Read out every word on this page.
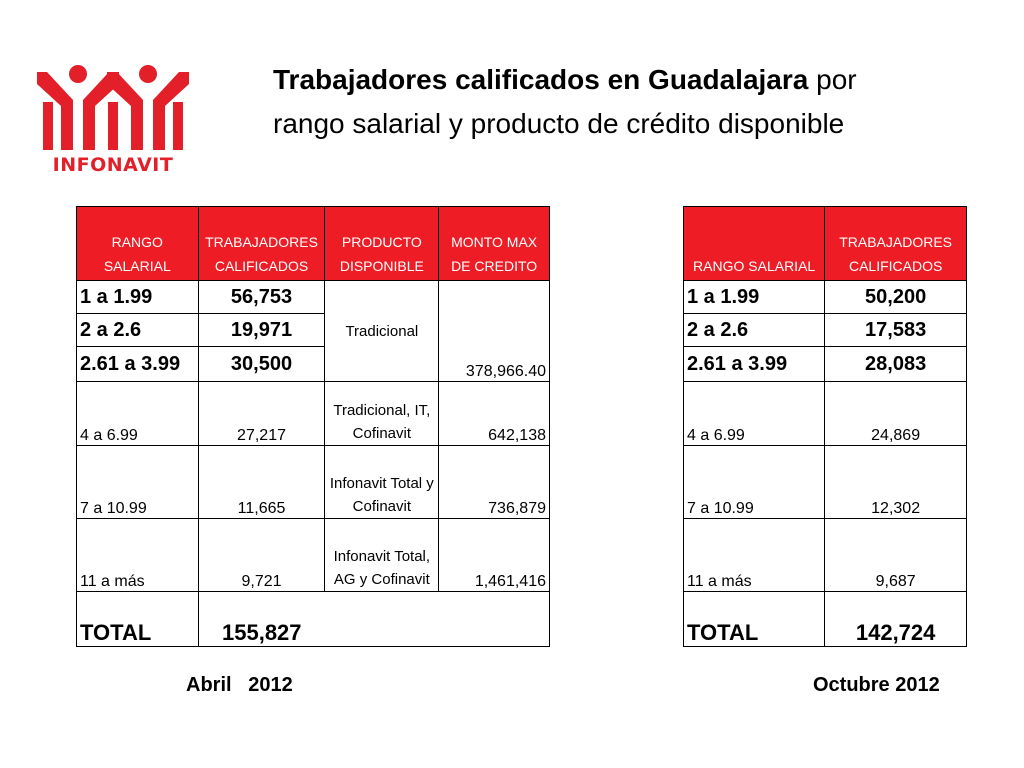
INFONAVIT
Trabajadores calificados en Guadalajara por
rango salarial y producto de crédito disponible
RANGO SALARIAL	TRABAJADORES CALIFICADOS	PRODUCTO DISPONIBLE	MONTO MAX DE CREDITO
1 a 1.99	56,753	Tradicional	378,966.40
2 a 2.6	19,971		
2.61 a 3.99	30,500		
4 a 6.99	27,217	Tradicional, IT, Cofinavit	642,138
7 a 10.99	11,665	Infonavit Total y Cofinavit	736,879
11 a más	9,721	Infonavit Total, AG y Cofinavit	1,461,416
TOTAL	155,827		
RANGO SALARIAL	TRABAJADORES CALIFICADOS
1 a 1.99	50,200
2 a 2.6	17,583
2.61 a 3.99	28,083
4 a 6.99	24,869
7 a 10.99	12,302
11 a más	9,687
TOTAL	142,724
Abril   2012	Octubre 2012
